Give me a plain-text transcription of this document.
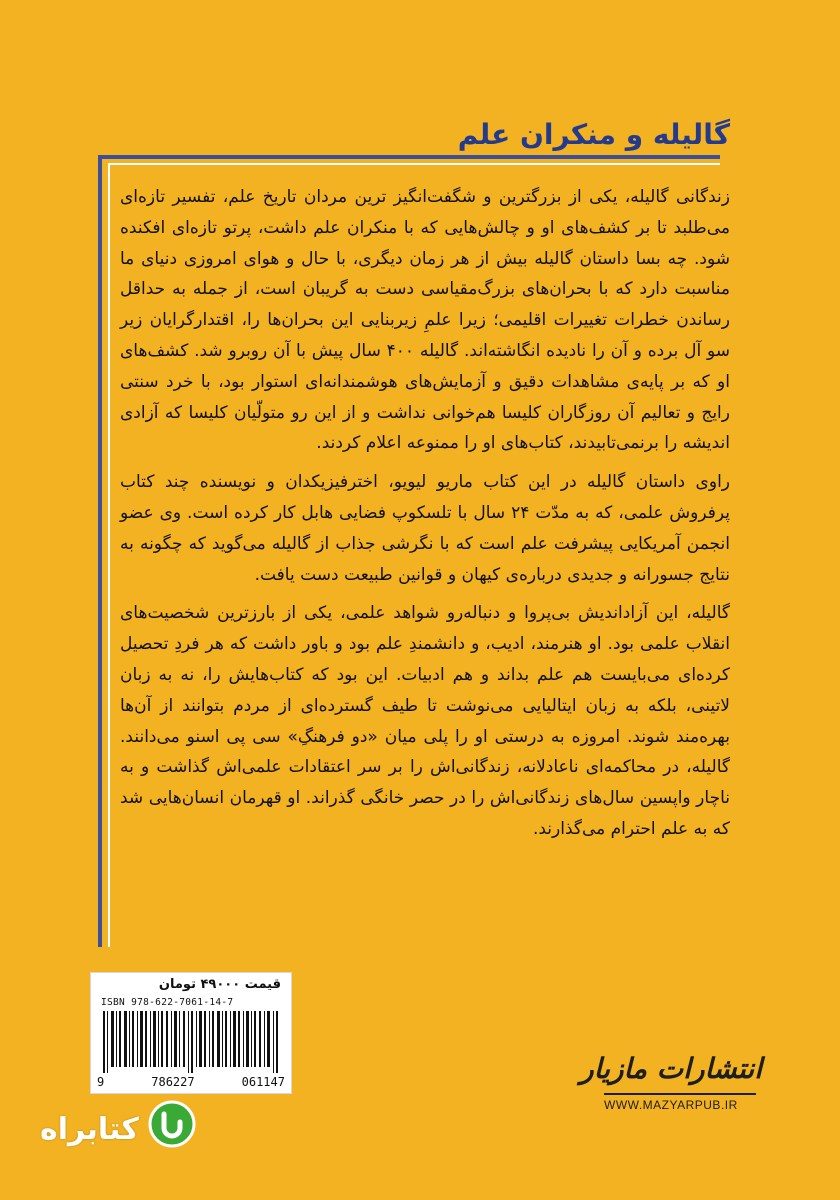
گالیله و منکران علم

زندگانی گالیله، یکی از بزرگترین و شگفت‌انگیز ترین مردان تاریخ علم، تفسیر تازه‌ای می‌طلبد تا بر کشف‌های او و چالش‌هایی که با منکران علم داشت، پرتو تازه‌ای افکنده شود. چه بسا داستان گالیله بیش از هر زمان دیگری، با حال و هوای امروزی دنیای ما مناسبت دارد که با بحران‌های بزرگ‌مقیاسی دست به گریبان است، از جمله به حداقل رساندن خطرات تغییرات اقلیمی؛ زیرا علمِ زیربنایی این بحران‌ها را، اقتدارگرایان زیر سو آل برده و آن را نادیده انگاشته‌اند. گالیله ۴۰۰ سال پیش با آن روبرو شد. کشف‌های او که بر پایه‌ی مشاهدات دقیق و آزمایش‌های هوشمندانه‌ای استوار بود، با خرد سنتی رایج و تعالیم آن روزگاران کلیسا هم‌خوانی نداشت و از این رو متولّیان کلیسا که آزادی اندیشه را برنمی‌تابیدند، کتاب‌های او را ممنوعه اعلام کردند.

راوی داستان گالیله در این کتاب ماریو لیویو، اخترفیزیکدان و نویسنده چند کتاب پرفروش علمی، که به مدّت ۲۴ سال با تلسکوپ فضایی هابل کار کرده است. وی عضو انجمن آمریکایی پیشرفت علم است که با نگرشی جذاب از گالیله می‌گوید که چگونه به نتایج جسورانه و جدیدی درباره‌ی کیهان و قوانین طبیعت دست یافت.

گالیله، این آزاداندیش بی‌پروا و دنباله‌رو شواهد علمی، یکی از بارزترین شخصیت‌های انقلاب علمی بود. او هنرمند، ادیب، و دانشمندِ علم بود و باور داشت که هر فردِ تحصیل کرده‌ای می‌بایست هم علم بداند و هم ادبیات. این بود که کتاب‌هایش را، نه به زبان لاتینی، بلکه به زبان ایتالیایی می‌نوشت تا طیف گسترده‌ای از مردم بتوانند از آن‌ها بهره‌مند شوند. امروزه به درستی او را پلی میان «دو فرهنگِ» سی پی اسنو می‌دانند. گالیله، در محاکمه‌ای ناعادلانه، زندگانی‌اش را بر سر اعتقادات علمی‌اش گذاشت و به ناچار واپسین سال‌های زندگانی‌اش را در حصر خانگی گذراند. او قهرمان انسان‌هایی شد که به علم احترام می‌گذارند.

قیمت ۴۹۰۰۰ تومان
ISBN 978-622-7061-14-7
9	786227	061147	انتشارات مازیار
WWW.MAZYARPUB.IR
کتابراه
